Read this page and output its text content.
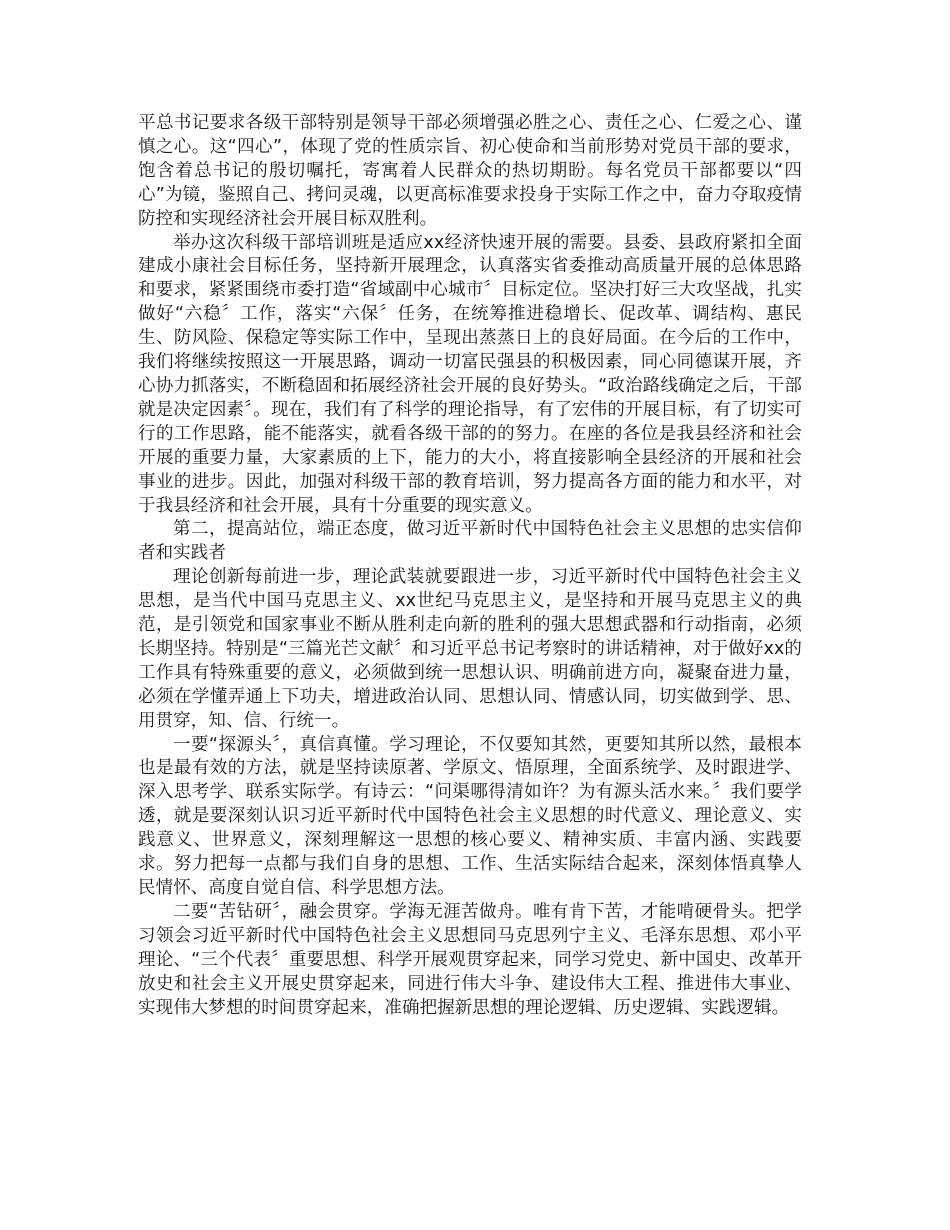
平总书记要求各级干部特别是领导干部必须增强必胜之心、责任之心、仁爱之心、谨慎之心。这“四心”，体现了党的性质宗旨、初心使命和当前形势对党员干部的要求，饱含着总书记的殷切嘱托，寄寓着人民群众的热切期盼。每名党员干部都要以“四心”为镜，鉴照自己、拷问灵魂，以更高标准要求投身于实际工作之中，奋力夺取疫情防控和实现经济社会开展目标双胜利。

举办这次科级干部培训班是适应xx经济快速开展的需要。县委、县政府紧扣全面建成小康社会目标任务，坚持新开展理念，认真落实省委推动高质量开展的总体思路和要求，紧紧围绕市委打造“省域副中心城市〞目标定位。坚决打好三大攻坚战，扎实做好“六稳〞工作，落实“六保〞任务，在统筹推进稳增长、促改革、调结构、惠民生、防风险、保稳定等实际工作中，呈现出蒸蒸日上的良好局面。在今后的工作中，我们将继续按照这一开展思路，调动一切富民强县的积极因素，同心同德谋开展，齐心协力抓落实，不断稳固和拓展经济社会开展的良好势头。“政治路线确定之后，干部就是决定因素〞。现在，我们有了科学的理论指导，有了宏伟的开展目标，有了切实可行的工作思路，能不能落实，就看各级干部的的努力。在座的各位是我县经济和社会开展的重要力量，大家素质的上下，能力的大小，将直接影响全县经济的开展和社会事业的进步。因此，加强对科级干部的教育培训，努力提高各方面的能力和水平，对于我县经济和社会开展，具有十分重要的现实意义。

第二，提高站位，端正态度，做习近平新时代中国特色社会主义思想的忠实信仰者和实践者

理论创新每前进一步，理论武装就要跟进一步，习近平新时代中国特色社会主义思想，是当代中国马克思主义、xx世纪马克思主义，是坚持和开展马克思主义的典范，是引领党和国家事业不断从胜利走向新的胜利的强大思想武器和行动指南，必须长期坚持。特别是“三篇光芒文献〞和习近平总书记考察时的讲话精神，对于做好xx的工作具有特殊重要的意义，必须做到统一思想认识、明确前进方向，凝聚奋进力量，必须在学懂弄通上下功夫，增进政治认同、思想认同、情感认同，切实做到学、思、用贯穿，知、信、行统一。

一要“探源头〞，真信真懂。学习理论，不仅要知其然，更要知其所以然，最根本也是最有效的方法，就是坚持读原著、学原文、悟原理，全面系统学、及时跟进学、深入思考学、联系实际学。有诗云：“问渠哪得清如许？为有源头活水来。〞我们要学透，就是要深刻认识习近平新时代中国特色社会主义思想的时代意义、理论意义、实践意义、世界意义，深刻理解这一思想的核心要义、精神实质、丰富内涵、实践要求。努力把每一点都与我们自身的思想、工作、生活实际结合起来，深刻体悟真挚人民情怀、高度自觉自信、科学思想方法。

二要“苦钻研〞，融会贯穿。学海无涯苦做舟。唯有肯下苦，才能啃硬骨头。把学习领会习近平新时代中国特色社会主义思想同马克思列宁主义、毛泽东思想、邓小平理论、“三个代表〞重要思想、科学开展观贯穿起来，同学习党史、新中国史、改革开放史和社会主义开展史贯穿起来，同进行伟大斗争、建设伟大工程、推进伟大事业、实现伟大梦想的时间贯穿起来，准确把握新思想的理论逻辑、历史逻辑、实践逻辑。
